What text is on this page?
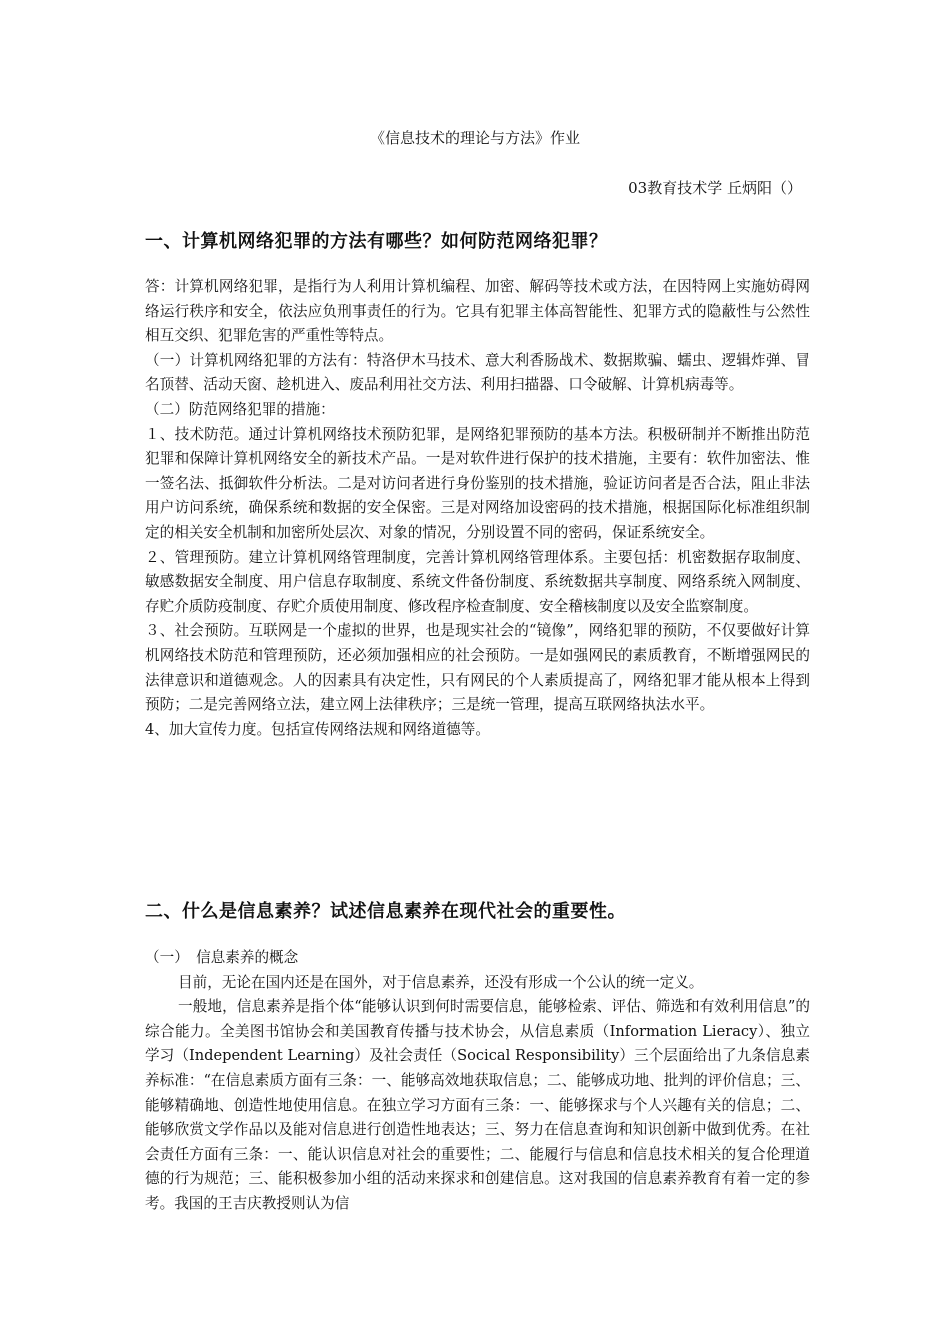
《信息技术的理论与方法》作业
03教育技术学 丘炳阳（）
一、计算机网络犯罪的方法有哪些？如何防范网络犯罪？

答：计算机网络犯罪，是指行为人利用计算机编程、加密、解码等技术或方法，在因特网上实施妨碍网络运行秩序和安全，依法应负刑事责任的行为。它具有犯罪主体高智能性、犯罪方式的隐蔽性与公然性相互交织、犯罪危害的严重性等特点。

（一）计算机网络犯罪的方法有：特洛伊木马技术、意大利香肠战术、数据欺骗、蠕虫、逻辑炸弹、冒名顶替、活动天窗、趁机进入、废品利用社交方法、利用扫描器、口令破解、计算机病毒等。

（二）防范网络犯罪的措施：

１、技术防范。通过计算机网络技术预防犯罪，是网络犯罪预防的基本方法。积极研制并不断推出防范犯罪和保障计算机网络安全的新技术产品。一是对软件进行保护的技术措施，主要有：软件加密法、惟一签名法、抵御软件分析法。二是对访问者进行身份鉴别的技术措施，验证访问者是否合法，阻止非法用户访问系统，确保系统和数据的安全保密。三是对网络加设密码的技术措施，根据国际化标准组织制定的相关安全机制和加密所处层次、对象的情况，分别设置不同的密码，保证系统安全。

２、管理预防。建立计算机网络管理制度，完善计算机网络管理体系。主要包括：机密数据存取制度、敏感数据安全制度、用户信息存取制度、系统文件备份制度、系统数据共享制度、网络系统入网制度、存贮介质防疫制度、存贮介质使用制度、修改程序检查制度、安全稽核制度以及安全监察制度。

３、社会预防。互联网是一个虚拟的世界，也是现实社会的“镜像”，网络犯罪的预防，不仅要做好计算机网络技术防范和管理预防，还必须加强相应的社会预防。一是如强网民的素质教育，不断增强网民的法律意识和道德观念。人的因素具有决定性，只有网民的个人素质提高了，网络犯罪才能从根本上得到预防；二是完善网络立法，建立网上法律秩序；三是统一管理，提高互联网络执法水平。

4、加大宣传力度。包括宣传网络法规和网络道德等。

二、什么是信息素养？试述信息素养在现代社会的重要性。

（一）　信息素养的概念

目前，无论在国内还是在国外，对于信息素养，还没有形成一个公认的统一定义。

一般地，信息素养是指个体“能够认识到何时需要信息，能够检索、评估、筛选和有效利用信息”的综合能力。全美图书馆协会和美国教育传播与技术协会，从信息素质（Information Lieracy）、独立学习（Independent Learning）及社会责任（Socical Responsibility）三个层面给出了九条信息素养标准：“在信息素质方面有三条：一、能够高效地获取信息；二、能够成功地、批判的评价信息；三、能够精确地、创造性地使用信息。在独立学习方面有三条：一、能够探求与个人兴趣有关的信息；二、能够欣赏文学作品以及能对信息进行创造性地表达；三、努力在信息查询和知识创新中做到优秀。在社会责任方面有三条：一、能认识信息对社会的重要性；二、能履行与信息和信息技术相关的复合伦理道德的行为规范；三、能积极参加小组的活动来探求和创建信息。这对我国的信息素养教育有着一定的参考。我国的王吉庆教授则认为信
